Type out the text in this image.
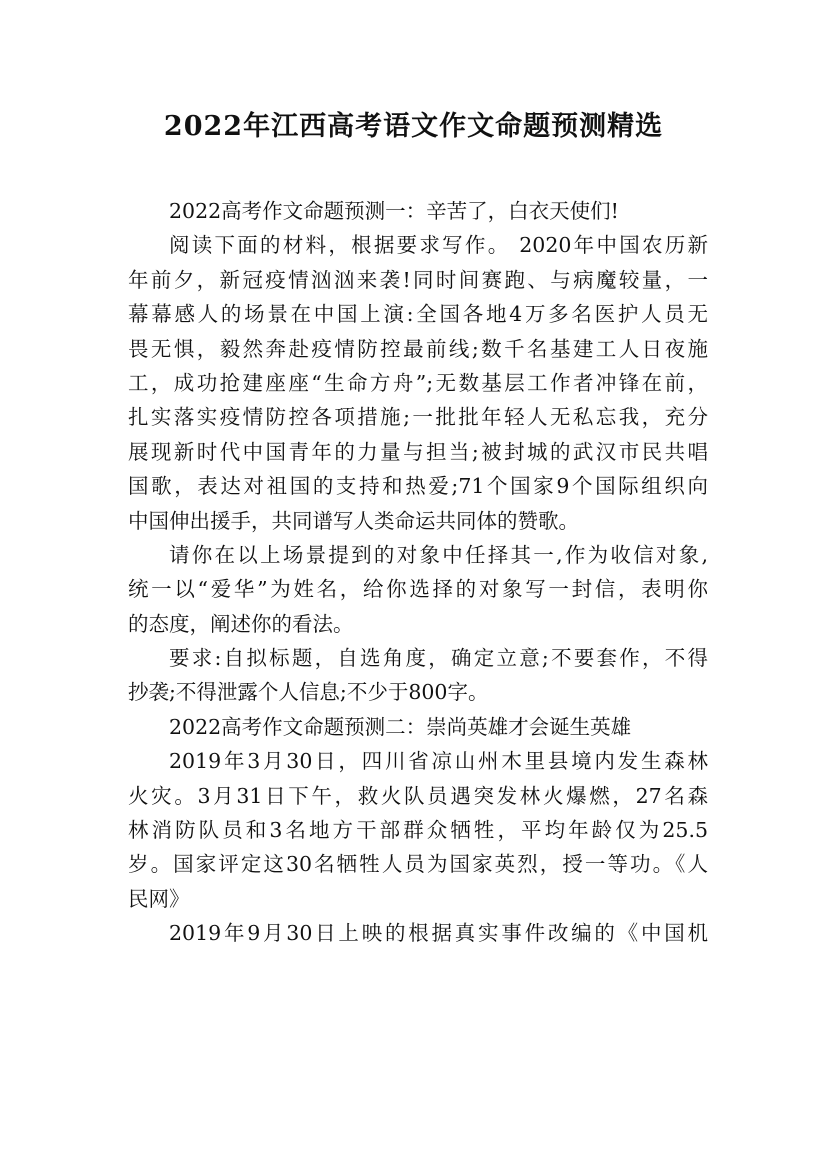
2022年江西高考语文作文命题预测精选
2022高考作文命题预测一：辛苦了，白衣天使们!
阅读下面的材料，根据要求写作。 2020年中国农历新
年前夕，新冠疫情汹汹来袭!同时间赛跑、与病魔较量，一
幕幕感人的场景在中国上演:全国各地4万多名医护人员无
畏无惧，毅然奔赴疫情防控最前线;数千名基建工人日夜施
工，成功抢建座座“生命方舟”;无数基层工作者冲锋在前，
扎实落实疫情防控各项措施;一批批年轻人无私忘我，充分
展现新时代中国青年的力量与担当;被封城的武汉市民共唱
国歌，表达对祖国的支持和热爱;71个国家9个国际组织向
中国伸出援手，共同谱写人类命运共同体的赞歌。
请你在以上场景提到的对象中任择其一,作为收信对象,
统一以“爱华”为姓名，给你选择的对象写一封信，表明你
的态度，阐述你的看法。
要求:自拟标题，自选角度，确定立意;不要套作，不得
抄袭;不得泄露个人信息;不少于800字。
2022高考作文命题预测二：崇尚英雄才会诞生英雄
2019年3月30日，四川省凉山州木里县境内发生森林
火灾。3月31日下午，救火队员遇突发林火爆燃，27名森
林消防队员和3名地方干部群众牺牲，平均年龄仅为25.5
岁。国家评定这30名牺牲人员为国家英烈，授一等功。《人
民网》
2019年9月30日上映的根据真实事件改编的《中国机
